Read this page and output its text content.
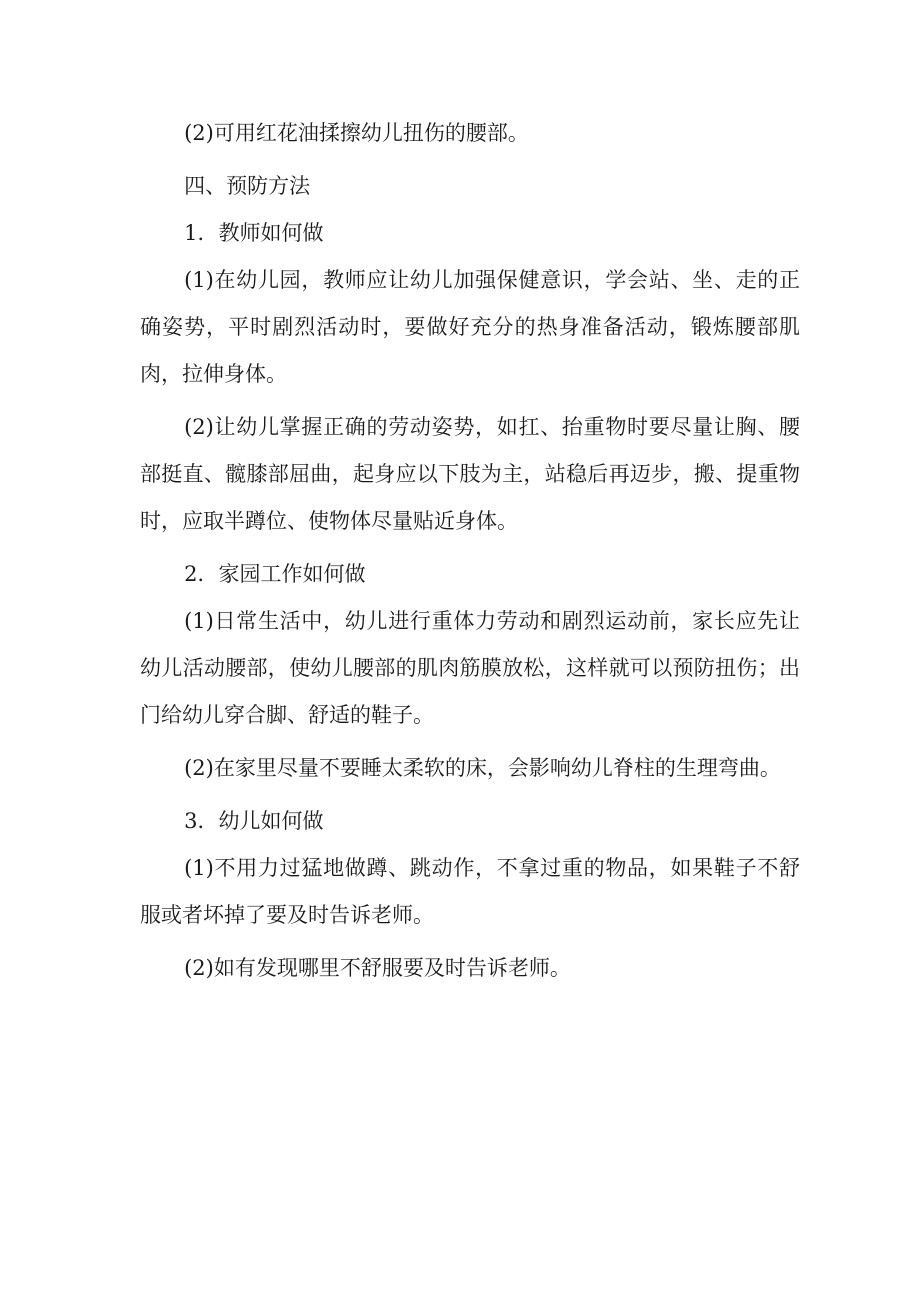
(2)可用红花油揉擦幼儿扭伤的腰部。

四、预防方法

1．教师如何做

(1)在幼儿园，教师应让幼儿加强保健意识，学会站、坐、走的正确姿势，平时剧烈活动时，要做好充分的热身准备活动，锻炼腰部肌肉，拉伸身体。

(2)让幼儿掌握正确的劳动姿势，如扛、抬重物时要尽量让胸、腰部挺直、髋膝部屈曲，起身应以下肢为主，站稳后再迈步，搬、提重物时，应取半蹲位、使物体尽量贴近身体。

2．家园工作如何做

(1)日常生活中，幼儿进行重体力劳动和剧烈运动前，家长应先让幼儿活动腰部，使幼儿腰部的肌肉筋膜放松，这样就可以预防扭伤；出门给幼儿穿合脚、舒适的鞋子。

(2)在家里尽量不要睡太柔软的床，会影响幼儿脊柱的生理弯曲。

3．幼儿如何做

(1)不用力过猛地做蹲、跳动作，不拿过重的物品，如果鞋子不舒服或者坏掉了要及时告诉老师。

(2)如有发现哪里不舒服要及时告诉老师。
